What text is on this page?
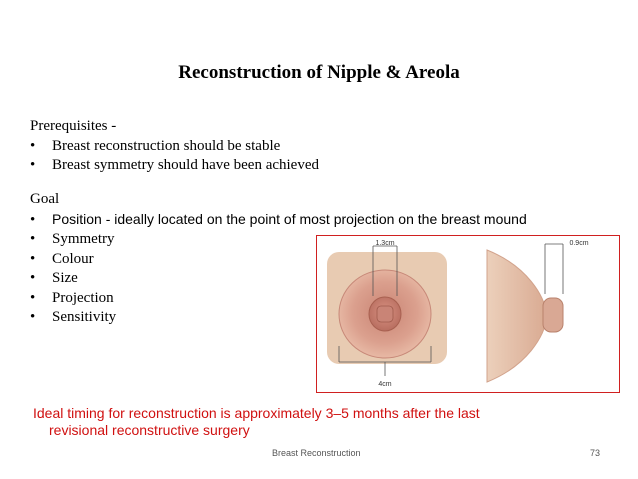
Reconstruction of Nipple & Areola
Prerequisites -
• Breast reconstruction should be stable
• Breast symmetry should have been achieved
Goal
• Position - ideally located on the point of most projection on the breast mound
• Symmetry
• Colour
• Size
• Projection
• Sensitivity
1.3cm
4cm
0.9cm
Ideal timing for reconstruction is approximately 3–5 months after the last
revisional reconstructive surgery
Breast Reconstruction	73
